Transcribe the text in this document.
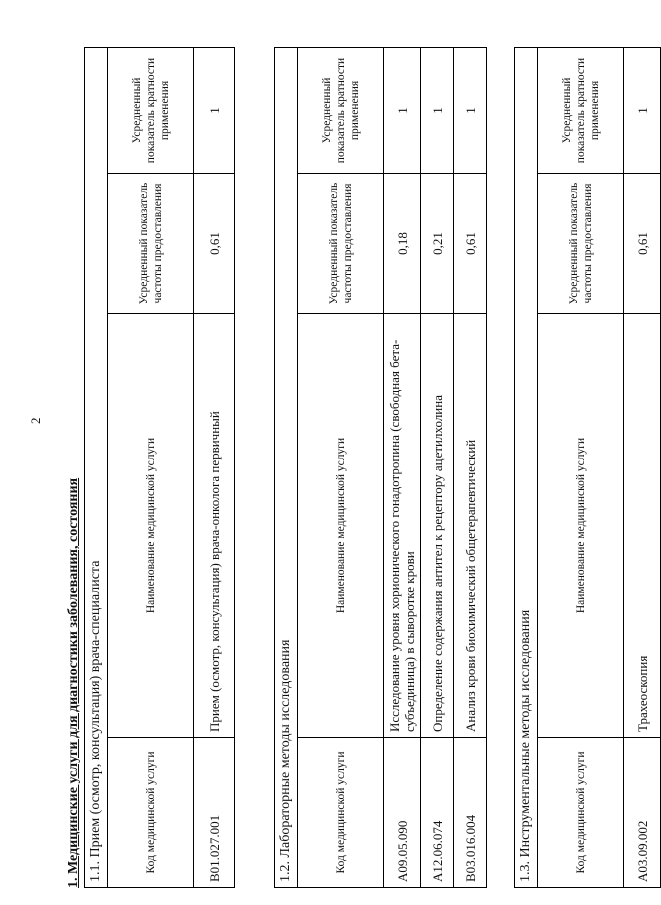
2
1. Медицинские услуги для диагностики заболевания, состояния 1.1. Прием (осмотр, консультация) врача-специалиста			
Код медицинской услуги	Наименование медицинской услуги	Усредненный показатель частоты предоставления	Усредненный показатель кратности применения
В01.027.001	Прием (осмотр, консультация) врача-онколога первичный	0,61	1
1.2. Лабораторные методы исследования			
Код медицинской услуги	Наименование медицинской услуги	Усредненный показатель частоты предоставления	Усредненный показатель кратности применения
А09.05.090	Исследование уровня хорионического гонадотропина (свободная бета-субъединица) в сыворотке крови	0,18	1
А12.06.074	Определение содержания антител к рецептору ацетилхолина	0,21	1
В03.016.004	Анализ крови биохимический общетерапевтический	0,61	1
1.3. Инструментальные методы исследования			
Код медицинской услуги	Наименование медицинской услуги	Усредненный показатель частоты предоставления	Усредненный показатель кратности применения
А03.09.002	Трахеоскопия	0,61	1
